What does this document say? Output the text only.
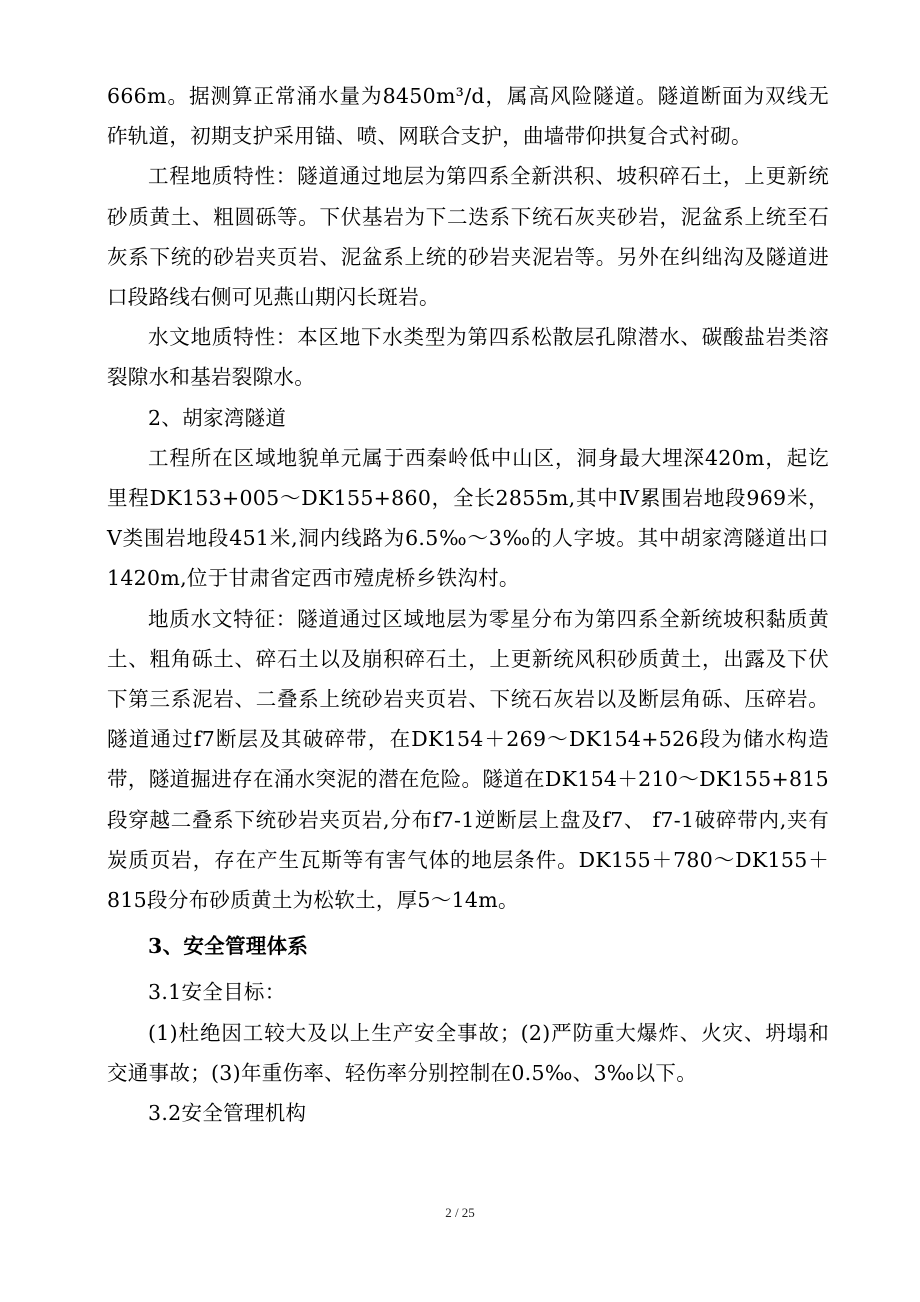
666m。据测算正常涌水量为8450m³/d，属高风险隧道。隧道断面为双线无砟轨道，初期支护采用锚、喷、网联合支护，曲墙带仰拱复合式衬砌。

工程地质特性：隧道通过地层为第四系全新洪积、坡积碎石土，上更新统砂质黄土、粗圆砾等。下伏基岩为下二迭系下统石灰夹砂岩，泥盆系上统至石灰系下统的砂岩夹页岩、泥盆系上统的砂岩夹泥岩等。另外在纠绌沟及隧道进口段路线右侧可见燕山期闪长斑岩。

水文地质特性：本区地下水类型为第四系松散层孔隙潜水、碳酸盐岩类溶裂隙水和基岩裂隙水。

2、胡家湾隧道

工程所在区域地貌单元属于西秦岭低中山区，洞身最大埋深420m，起讫里程DK153+005～DK155+860，全长2855m,其中Ⅳ累围岩地段969米，Ⅴ类围岩地段451米,洞内线路为6.5‰～3‰的人字坡。其中胡家湾隧道出口1420m,位于甘肃省定西市殪虎桥乡铁沟村。

地质水文特征：隧道通过区域地层为零星分布为第四系全新统坡积黏质黄土、粗角砾土、碎石土以及崩积碎石土，上更新统风积砂质黄土，出露及下伏下第三系泥岩、二叠系上统砂岩夹页岩、下统石灰岩以及断层角砾、压碎岩。隧道通过f7断层及其破碎带，在DK154＋269～DK154+526段为储水构造带，隧道掘进存在涌水突泥的潜在危险。隧道在DK154＋210～DK155+815段穿越二叠系下统砂岩夹页岩,分布f7-1逆断层上盘及f7、 f7-1破碎带内,夹有炭质页岩，存在产生瓦斯等有害气体的地层条件。DK155＋780～DK155＋815段分布砂质黄土为松软土，厚5～14m。

3、安全管理体系

3.1安全目标：

(1)杜绝因工较大及以上生产安全事故；(2)严防重大爆炸、火灾、坍塌和交通事故；(3)年重伤率、轻伤率分别控制在0.5‰、3‰以下。

3.2安全管理机构

2 / 25
